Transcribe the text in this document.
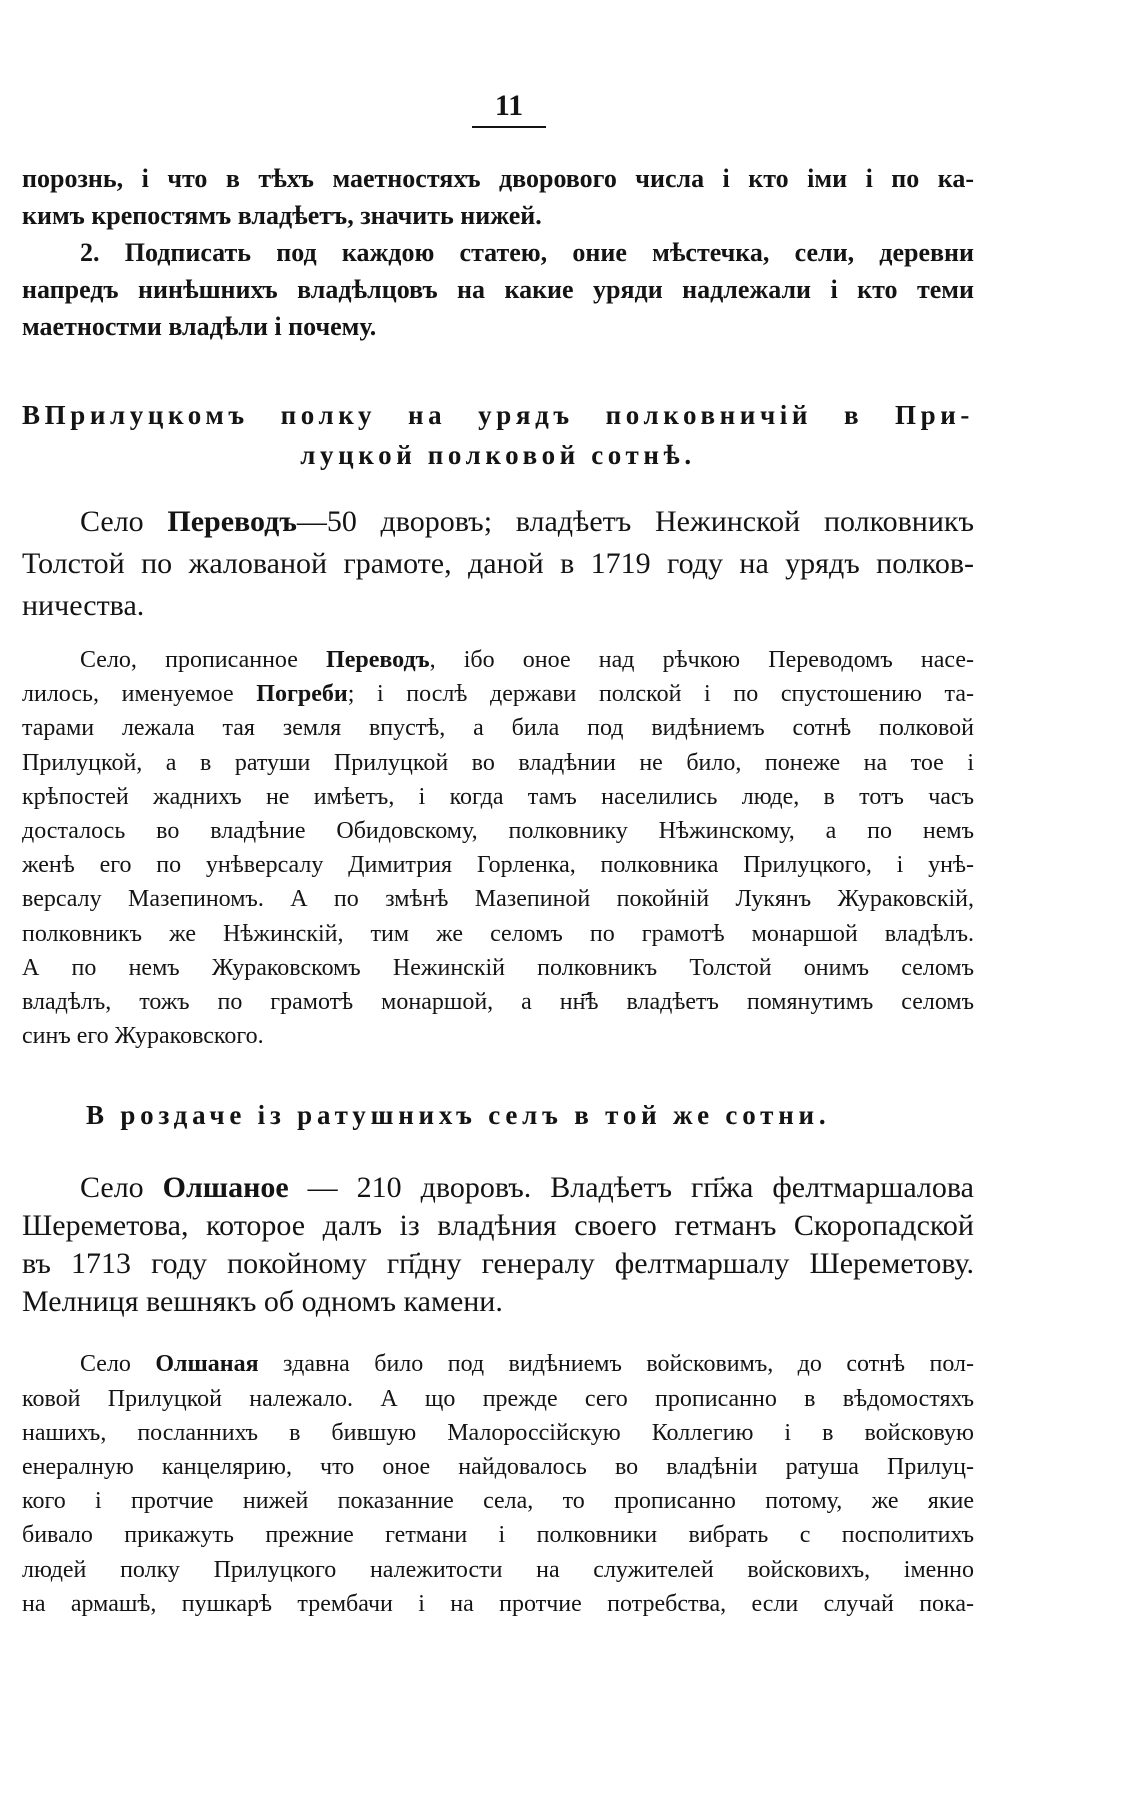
11
порознь, і что в тѣхъ маетностяхъ дворового числа і кто іми і по ка-
кимъ крепостямъ владѣетъ, значить нижей.
2. Подписать под каждою статею, оние мѣстечка, сели, деревни
напредъ нинѣшнихъ владѣлцовъ на какие уряди надлежали і кто теми
маетностми владѣли і почему.
ВПрилуцкомъ полку на урядъ полковничій в При-
луцкой полковой сотнѣ.
Село Переводъ—50 дворовъ; владѣетъ Нежинской полковникъ
Толстой по жалованой грамоте, даной в 1719 году на урядъ полков-
ничества.
Село, прописанное Переводъ, ібо оное над рѣчкою Переводомъ насе-
лилось, именуемое Погреби; і послѣ держави полской і по спустошению та-
тарами лежала тая земля впустѣ, а била под видѣниемъ сотнѣ полковой
Прилуцкой, а в ратуши Прилуцкой во владѣнии не било, понеже на тое і
крѣпостей жаднихъ не имѣетъ, і когда тамъ населились люде, в тотъ часъ
досталось во владѣние Обидовскому, полковнику Нѣжинскому, а по немъ
женѣ его по унѣверсалу Димитрия Горленка, полковника Прилуцкого, і унѣ-
версалу Мазепиномъ. А по змѣнѣ Мазепиной покойній Лукянъ Жураковскій,
полковникъ же Нѣжинскій, тим же селомъ по грамотѣ монаршой владѣлъ.
А по немъ Жураковскомъ Нежинскій полковникъ Толстой онимъ селомъ
владѣлъ, тожъ по грамотѣ монаршой, а нн҃ѣ владѣетъ помянутимъ селомъ
синъ его Жураковского.
В роздаче із ратушнихъ селъ в той же сотни.
Село Олшаное — 210 дворовъ. Владѣетъ гп҃жа фелтмаршалова
Шереметова, которое далъ із владѣния своего гетманъ Скоропадской
въ 1713 году покойному гп҃дну генералу фелтмаршалу Шереметову.
Мелниця вешнякъ об одномъ камени.
Село Олшаная здавна било под видѣниемъ войсковимъ, до сотнѣ пол-
ковой Прилуцкой належало. А що прежде сего прописанно в вѣдомостяхъ
нашихъ, посланнихъ в бившую Малороссійскую Коллегию і в войсковую
енералную канцелярию, что оное найдовалось во владѣніи ратуша Прилуц-
кого і протчие нижей показанние села, то прописанно потому, же якие
бивало прикажуть прежние гетмани і полковники вибрать с посполитихъ
людей полку Прилуцкого належитости на служителей войсковихъ, іменно
на армашѣ, пушкарѣ трембачи і на протчие потребства, если случай пока-
